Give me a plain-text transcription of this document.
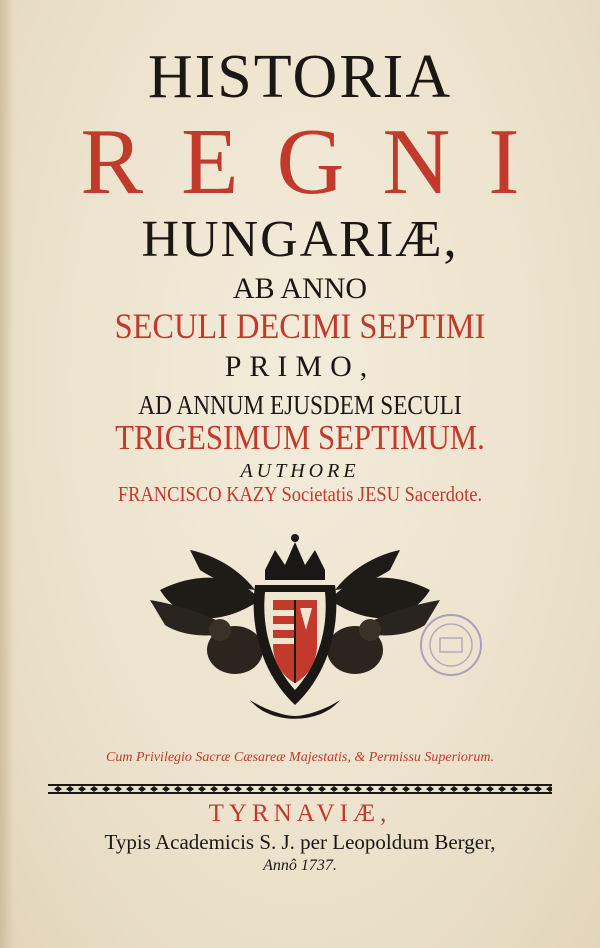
HISTORIA
REGNI
HUNGARIÆ,
AB ANNO
SECULI DECIMI SEPTIMI
PRIMO,
AD ANNUM EJUSDEM SECULI
TRIGESIMUM SEPTIMUM.
AUTHORE
FRANCISCO KAZY Societatis JESU Sacerdote.
Cum Privilegio Sacræ Cæsareæ Majestatis, & Permissu Superiorum.
TYRNAVIÆ,
Typis Academicis S. J. per Leopoldum Berger,
Annô 1737.
